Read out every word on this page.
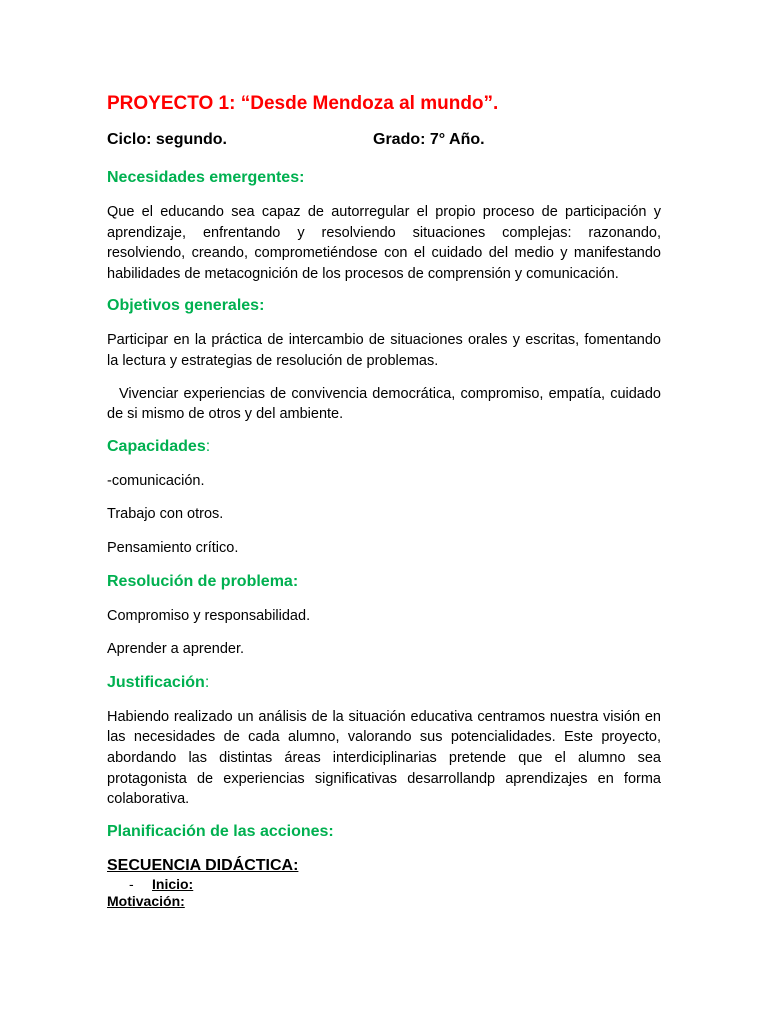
PROYECTO 1: “Desde Mendoza al mundo”.
Ciclo: segundo.	Grado: 7° Año.
Necesidades emergentes:

Que el educando sea capaz de autorregular el propio proceso de participación y aprendizaje, enfrentando y resolviendo situaciones complejas: razonando, resolviendo, creando, comprometiéndose con el cuidado del medio y manifestando habilidades de metacognición de los procesos de comprensión y comunicación.

Objetivos generales:

Participar en la práctica de intercambio de situaciones orales y escritas, fomentando la lectura y estrategias de resolución de problemas.

Vivenciar experiencias de convivencia democrática, compromiso, empatía, cuidado de si mismo de otros y del ambiente.

Capacidades:

-comunicación.

Trabajo con otros.

Pensamiento crítico.

Resolución de problema:

Compromiso y responsabilidad.

Aprender a aprender.

Justificación:

Habiendo realizado un análisis de la situación educativa centramos nuestra visión en las necesidades de cada alumno, valorando sus potencialidades. Este proyecto, abordando las distintas áreas interdiciplinarias pretende que el alumno sea protagonista de experiencias significativas desarrollandp aprendizajes en forma colaborativa.

Planificación de las acciones:
SECUENCIA DIDÁCTICA:
-	Inicio:
Motivación:
